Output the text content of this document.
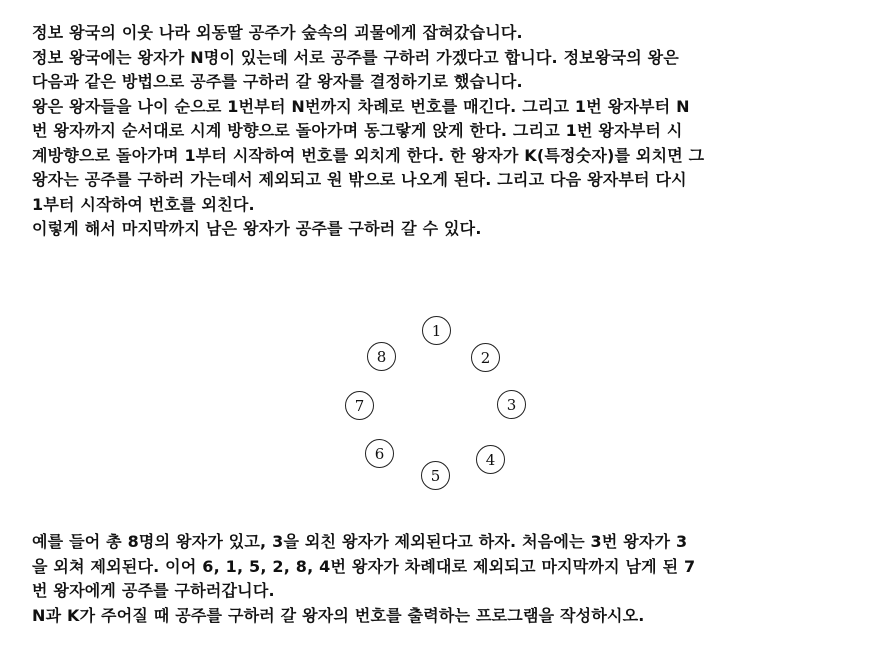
정보 왕국의 이웃 나라 외동딸 공주가 숲속의 괴물에게 잡혀갔습니다.

정보 왕국에는 왕자가 N명이 있는데 서로 공주를 구하러 가겠다고 합니다. 정보왕국의 왕은

다음과 같은 방법으로 공주를 구하러 갈 왕자를 결정하기로 했습니다.

왕은 왕자들을 나이 순으로 1번부터 N번까지 차례로 번호를 매긴다. 그리고 1번 왕자부터 N

번 왕자까지 순서대로 시계 방향으로 돌아가며 동그랗게 앉게 한다. 그리고 1번 왕자부터 시

계방향으로 돌아가며 1부터 시작하여 번호를 외치게 한다. 한 왕자가 K(특정숫자)를 외치면 그

왕자는 공주를 구하러 가는데서 제외되고 원 밖으로 나오게 된다. 그리고 다음 왕자부터 다시

1부터 시작하여 번호를 외친다.

이렇게 해서 마지막까지 남은 왕자가 공주를 구하러 갈 수 있다.

예를 들어 총 8명의 왕자가 있고, 3을 외친 왕자가 제외된다고 하자. 처음에는 3번 왕자가 3

을 외쳐 제외된다. 이어 6, 1, 5, 2, 8, 4번 왕자가 차례대로 제외되고 마지막까지 남게 된 7

번 왕자에게 공주를 구하러갑니다.

N과 K가 주어질 때 공주를 구하러 갈 왕자의 번호를 출력하는 프로그램을 작성하시오.

1
2
3
4
5
6
7
8
